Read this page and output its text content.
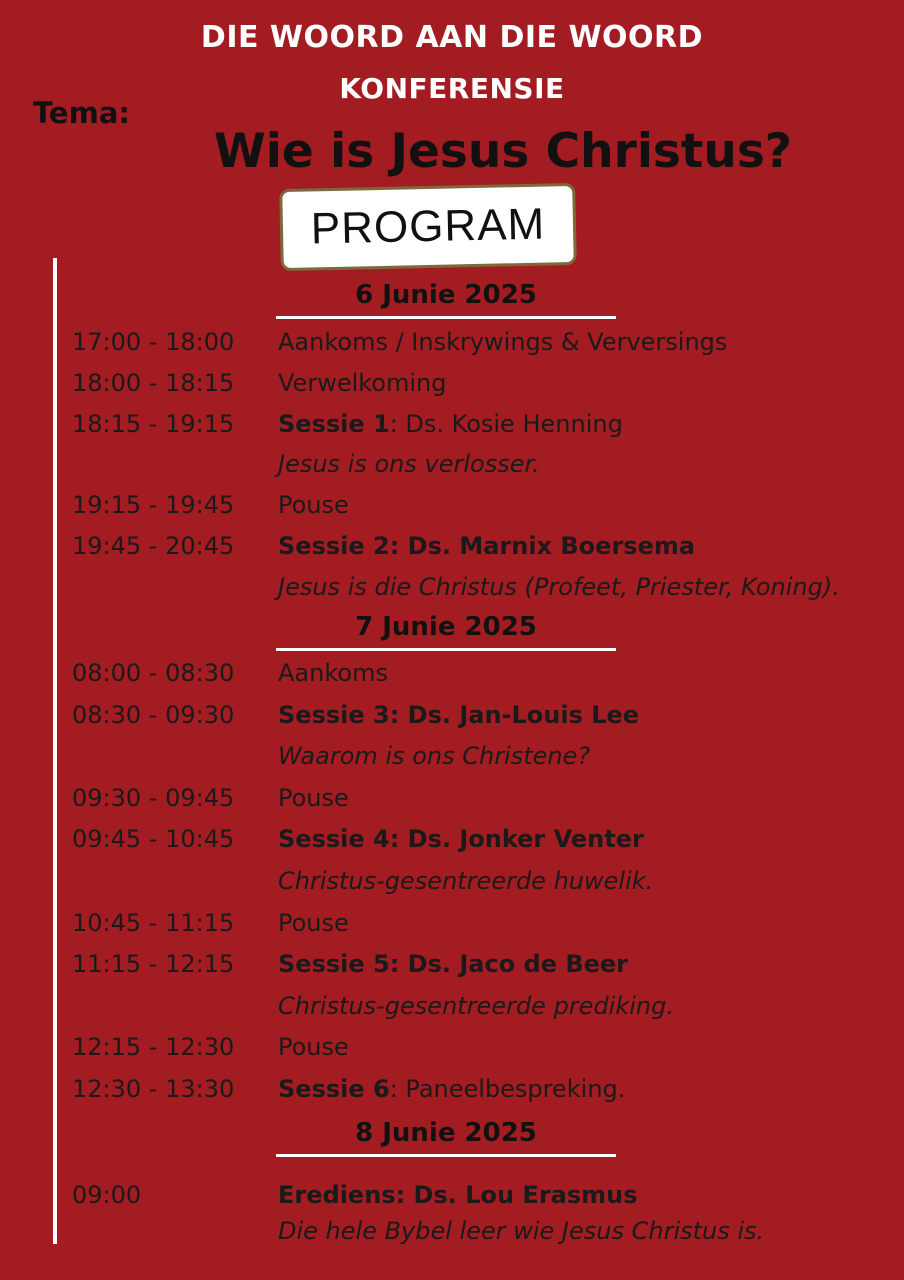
DIE WOORD AAN DIE WOORD
KONFERENSIE
Tema:
Wie is Jesus Christus?
PROGRAM
6 Junie 2025
17:00 - 18:00 Aankoms / Inskrywings & Verversings
18:00 - 18:15 Verwelkoming
18:15 - 19:15 Sessie 1: Ds. Kosie Henning
Jesus is ons verlosser.
19:15 - 19:45 Pouse
19:45 - 20:45 Sessie 2: Ds. Marnix Boersema
Jesus is die Christus (Profeet, Priester, Koning).
7 Junie 2025
08:00 - 08:30 Aankoms
08:30 - 09:30 Sessie 3: Ds. Jan-Louis Lee
Waarom is ons Christene?
09:30 - 09:45 Pouse
09:45 - 10:45 Sessie 4: Ds. Jonker Venter
Christus-gesentreerde huwelik.
10:45 - 11:15 Pouse
11:15 - 12:15 Sessie 5: Ds. Jaco de Beer
Christus-gesentreerde prediking.
12:15 - 12:30 Pouse
12:30 - 13:30 Sessie 6: Paneelbespreking.
8 Junie 2025
09:00	Erediens: Ds. Lou Erasmus
Die hele Bybel leer wie Jesus Christus is.
